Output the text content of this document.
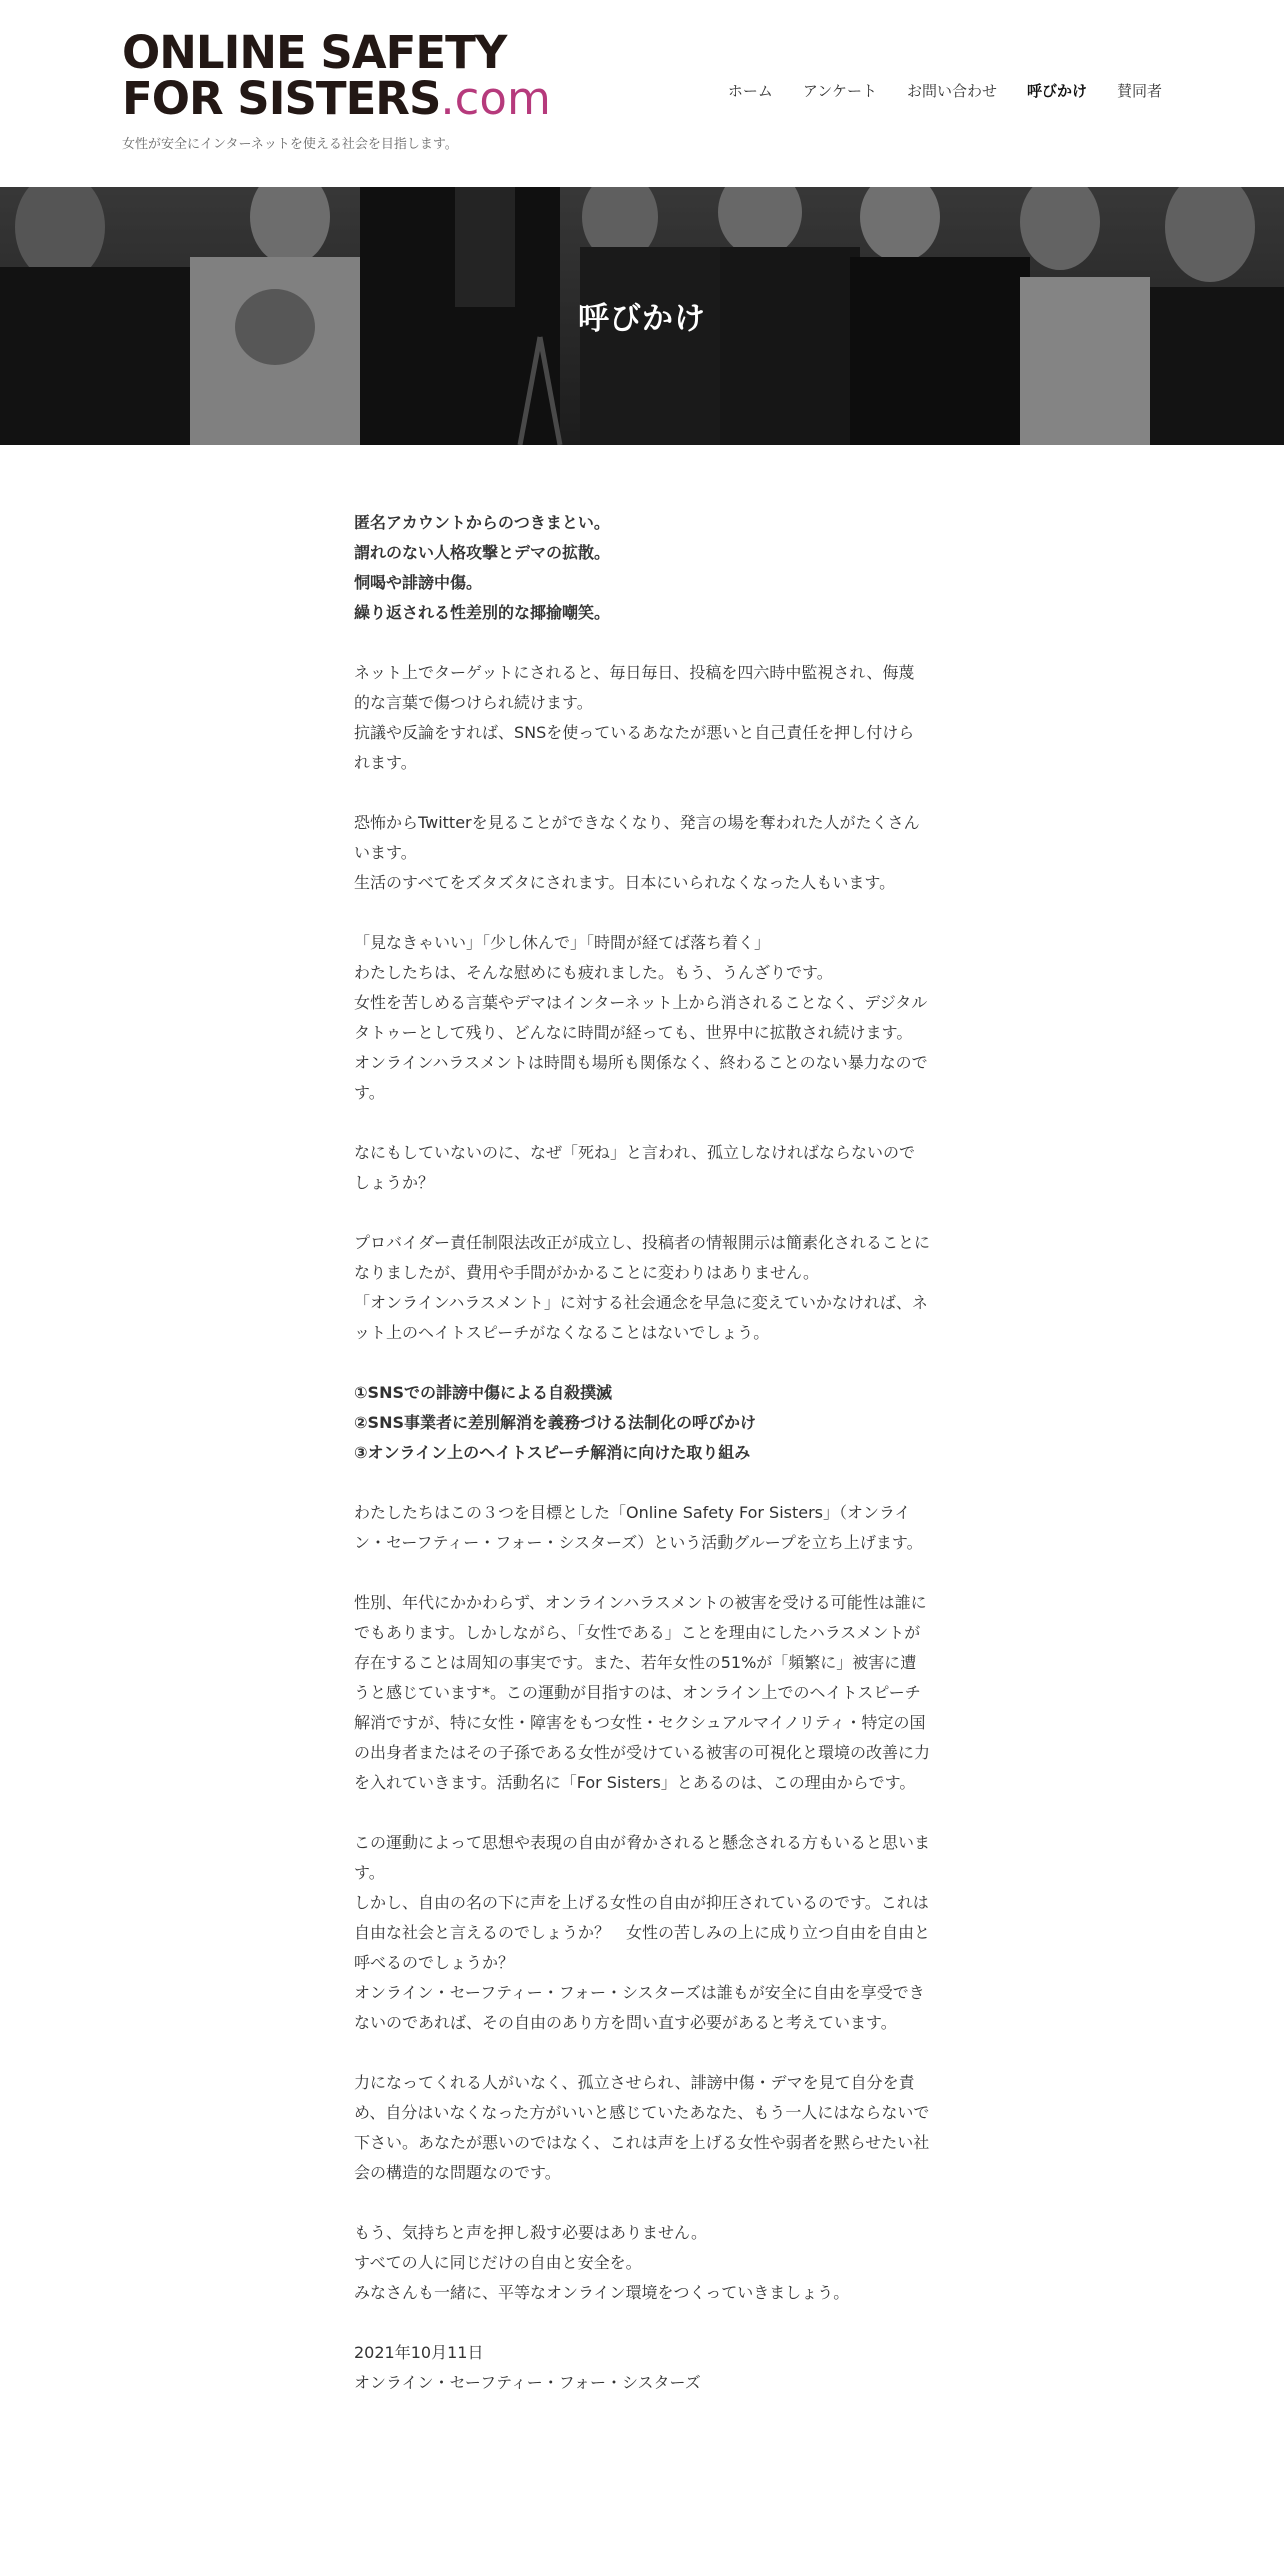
ONLINE SAFETY
FOR SISTERS.com
女性が安全にインターネットを使える社会を目指します。
ホーム	アンケート	お問い合わせ	呼びかけ	賛同者
呼びかけ

匿名アカウントからのつきまとい。

謂れのない人格攻撃とデマの拡散。

恫喝や誹謗中傷。

繰り返される性差別的な揶揄嘲笑。

ネット上でターゲットにされると、毎日毎日、投稿を四六時中監視され、侮蔑的な言葉で傷つけられ続けます。

抗議や反論をすれば、SNSを使っているあなたが悪いと自己責任を押し付けられます。

恐怖からTwitterを見ることができなくなり、発言の場を奪われた人がたくさんいます。

生活のすべてをズタズタにされます。日本にいられなくなった人もいます。

「見なきゃいい」「少し休んで」「時間が経てば落ち着く」

わたしたちは、そんな慰めにも疲れました。もう、うんざりです。

女性を苦しめる言葉やデマはインターネット上から消されることなく、デジタルタトゥーとして残り、どんなに時間が経っても、世界中に拡散され続けます。

オンラインハラスメントは時間も場所も関係なく、終わることのない暴力なのです。

なにもしていないのに、なぜ「死ね」と言われ、孤立しなければならないのでしょうか？

プロバイダー責任制限法改正が成立し、投稿者の情報開示は簡素化されることになりましたが、費用や手間がかかることに変わりはありません。

「オンラインハラスメント」に対する社会通念を早急に変えていかなければ、ネット上のヘイトスピーチがなくなることはないでしょう。

①SNSでの誹謗中傷による自殺撲滅

②SNS事業者に差別解消を義務づける法制化の呼びかけ

③オンライン上のヘイトスピーチ解消に向けた取り組み

わたしたちはこの３つを目標とした「Online Safety For Sisters」（オンライン・セーフティー・フォー・シスターズ）という活動グループを立ち上げます。

性別、年代にかかわらず、オンラインハラスメントの被害を受ける可能性は誰にでもあります。しかしながら、「女性である」ことを理由にしたハラスメントが存在することは周知の事実です。また、若年女性の51%が「頻繁に」被害に遭うと感じています*。この運動が目指すのは、オンライン上でのヘイトスピーチ解消ですが、特に女性・障害をもつ女性・セクシュアルマイノリティ・特定の国の出身者またはその子孫である女性が受けている被害の可視化と環境の改善に力を入れていきます。活動名に「For Sisters」とあるのは、この理由からです。

この運動によって思想や表現の自由が脅かされると懸念される方もいると思います。

しかし、自由の名の下に声を上げる女性の自由が抑圧されているのです。これは自由な社会と言えるのでしょうか？　女性の苦しみの上に成り立つ自由を自由と呼べるのでしょうか？

オンライン・セーフティー・フォー・シスターズは誰もが安全に自由を享受できないのであれば、その自由のあり方を問い直す必要があると考えています。

力になってくれる人がいなく、孤立させられ、誹謗中傷・デマを見て自分を責め、自分はいなくなった方がいいと感じていたあなた、もう一人にはならないで下さい。あなたが悪いのではなく、これは声を上げる女性や弱者を黙らせたい社会の構造的な問題なのです。

もう、気持ちと声を押し殺す必要はありません。

すべての人に同じだけの自由と安全を。

みなさんも一緒に、平等なオンライン環境をつくっていきましょう。

2021年10月11日

オンライン・セーフティー・フォー・シスターズ
